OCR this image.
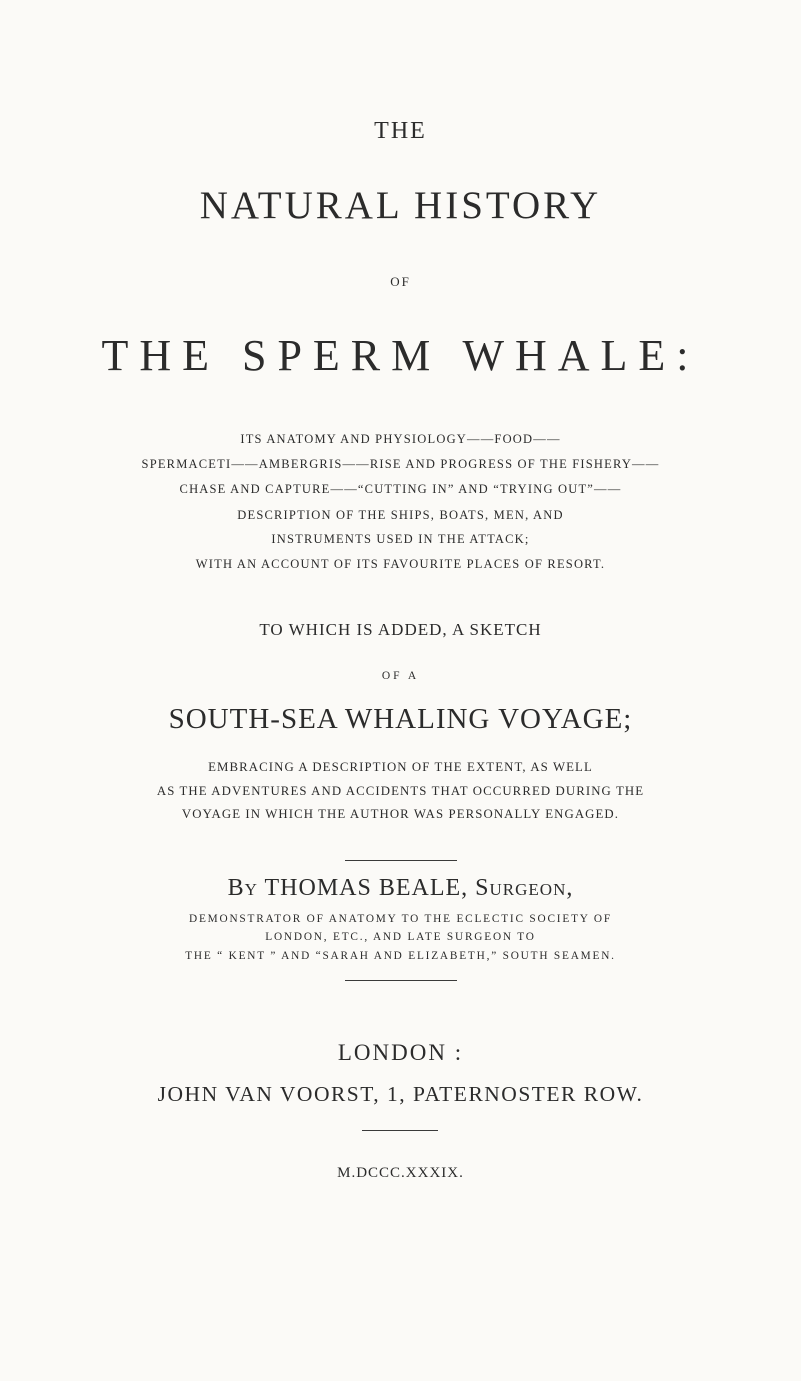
THE

NATURAL HISTORY

OF

THE SPERM WHALE:

ITS ANATOMY AND PHYSIOLOGY——FOOD——

SPERMACETI——AMBERGRIS——RISE AND PROGRESS OF THE FISHERY——

CHASE AND CAPTURE——“CUTTING IN” AND “TRYING OUT”——

DESCRIPTION OF THE SHIPS, BOATS, MEN, AND

INSTRUMENTS USED IN THE ATTACK;

WITH AN ACCOUNT OF ITS FAVOURITE PLACES OF RESORT.

TO WHICH IS ADDED, A SKETCH

OF A

SOUTH-SEA WHALING VOYAGE;

EMBRACING A DESCRIPTION OF THE EXTENT, AS WELL

AS THE ADVENTURES AND ACCIDENTS THAT OCCURRED DURING THE

VOYAGE IN WHICH THE AUTHOR WAS PERSONALLY ENGAGED.

By THOMAS BEALE, Surgeon,

DEMONSTRATOR OF ANATOMY TO THE ECLECTIC SOCIETY OF

LONDON, ETC., AND LATE SURGEON TO

THE “ KENT ” AND “SARAH AND ELIZABETH,” SOUTH SEAMEN.

LONDON :

JOHN VAN VOORST, 1, PATERNOSTER ROW.

M.DCCC.XXXIX.
